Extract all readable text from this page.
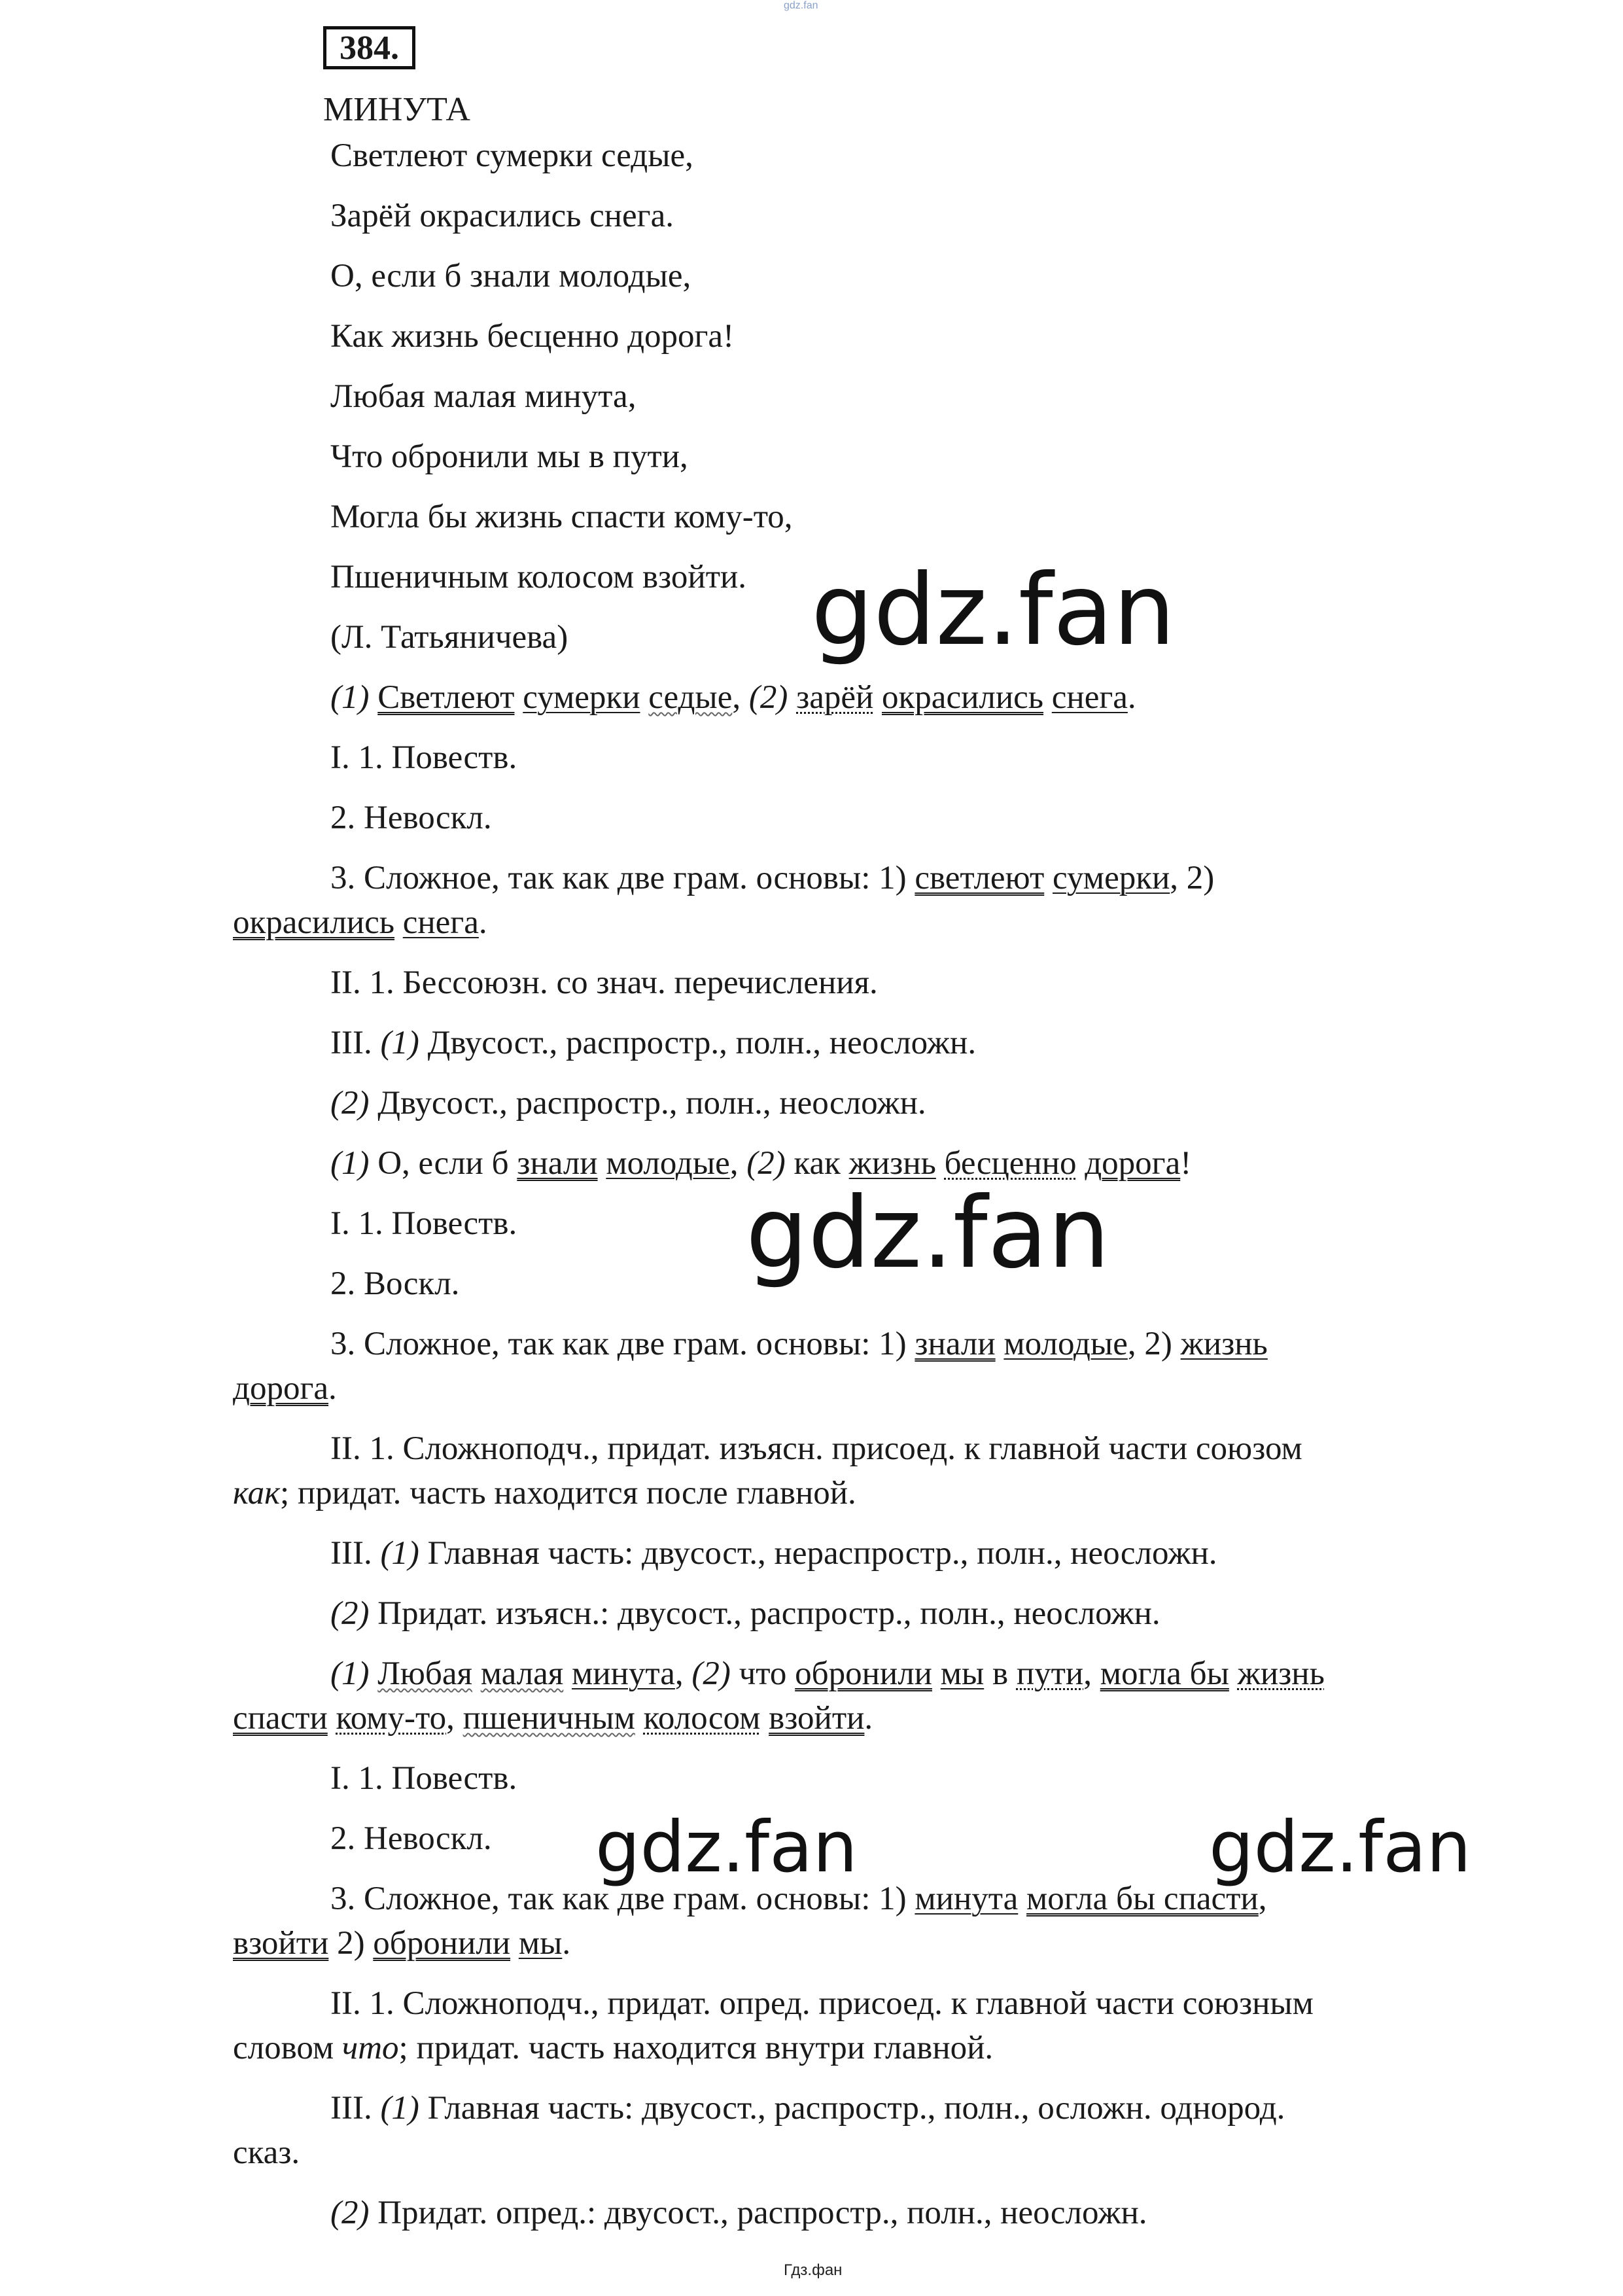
gdz.fan
384.
МИНУТА
Светлеют сумерки седые,
Зарёй окрасились снега.
О, если б знали молодые,
Как жизнь бесценно дорога!
Любая малая минута,
Что обронили мы в пути,
Могла бы жизнь спасти кому-то,
Пшеничным колосом взойти.
(Л. Татьяничева)
(1) Светлеют сумерки седые, (2) зарёй окрасились снега.
I. 1. Повеств.
2. Невоскл.
3. Сложное, так как две грам. основы: 1) светлеют сумерки, 2)
окрасились снега.
II. 1. Бессоюзн. со знач. перечисления.
III. (1) Двусост., распростр., полн., неосложн.
(2) Двусост., распростр., полн., неосложн.
(1) О, если б знали молодые, (2) как жизнь бесценно дорога!
I. 1. Повеств.
2. Воскл.
3. Сложное, так как две грам. основы: 1) знали молодые, 2) жизнь
дорога.
II. 1. Сложноподч., придат. изъясн. присоед. к главной части союзом
как; придат. часть находится после главной.
III. (1) Главная часть: двусост., нераспростр., полн., неосложн.
(2) Придат. изъясн.: двусост., распростр., полн., неосложн.
(1) Любая малая минута, (2) что обронили мы в пути, могла бы жизнь
спасти кому-то, пшеничным колосом взойти.
I. 1. Повеств.
2. Невоскл.
3. Сложное, так как две грам. основы: 1) минута могла бы спасти,
взойти 2) обронили мы.
II. 1. Сложноподч., придат. опред. присоед. к главной части союзным
словом что; придат. часть находится внутри главной.
III. (1) Главная часть: двусост., распростр., полн., осложн. однород.
сказ.
(2) Придат. опред.: двусост., распростр., полн., неосложн.
gdz.fan
gdz.fan
gdz.fan	gdz.fan
Гдз.фан
